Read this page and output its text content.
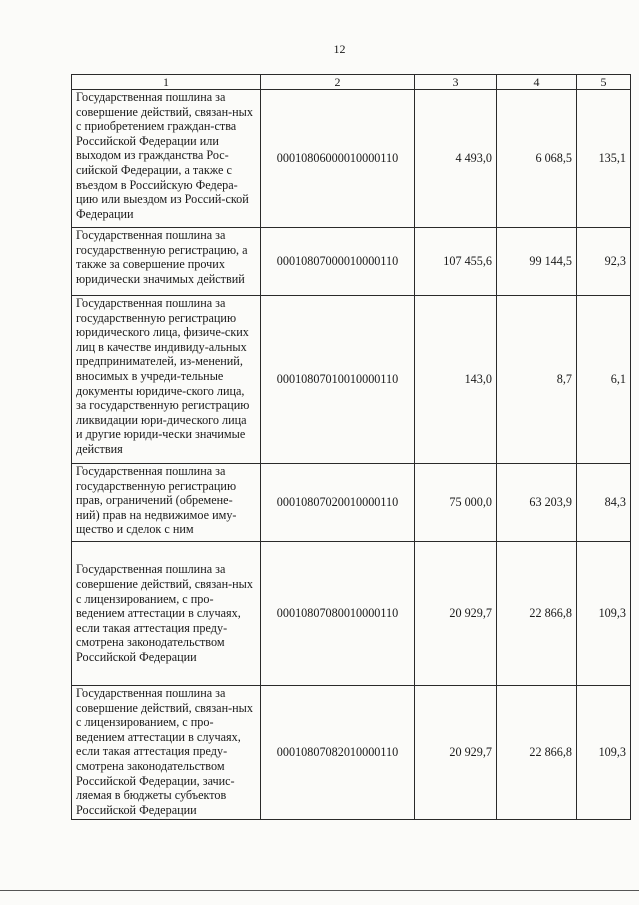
12
1	2	3	4	5
Государственная пошлина за совершение действий, связан-ных с приобретением граждан-ства Российской Федерации или выходом из гражданства Рос-сийской Федерации, а также с въездом в Российскую Федера-цию или выездом из Россий-ской Федерации	00010806000010000110	4 493,0	6 068,5	135,1
Государственная пошлина за государственную регистрацию, а также за совершение прочих юридически значимых действий	00010807000010000110	107 455,6	99 144,5	92,3
Государственная пошлина за государственную регистрацию юридического лица, физиче-ских лиц в качестве индивиду-альных предпринимателей, из-менений, вносимых в учреди-тельные документы юридиче-ского лица, за государственную регистрацию ликвидации юри-дического лица и другие юриди-чески значимые действия	00010807010010000110	143,0	8,7	6,1
Государственная пошлина за государственную регистрацию прав, ограничений (обремене-ний) прав на недвижимое иму-щество и сделок с ним	00010807020010000110	75 000,0	63 203,9	84,3
Государственная пошлина за совершение действий, связан-ных с лицензированием, с про-ведением аттестации в случаях, если такая аттестация преду-смотрена законодательством Российской Федерации	00010807080010000110	20 929,7	22 866,8	109,3
Государственная пошлина за совершение действий, связан-ных с лицензированием, с про-ведением аттестации в случаях, если такая аттестация преду-смотрена законодательством Российской Федерации, зачис-ляемая в бюджеты субъектов Российской Федерации	00010807082010000110	20 929,7	22 866,8	109,3
